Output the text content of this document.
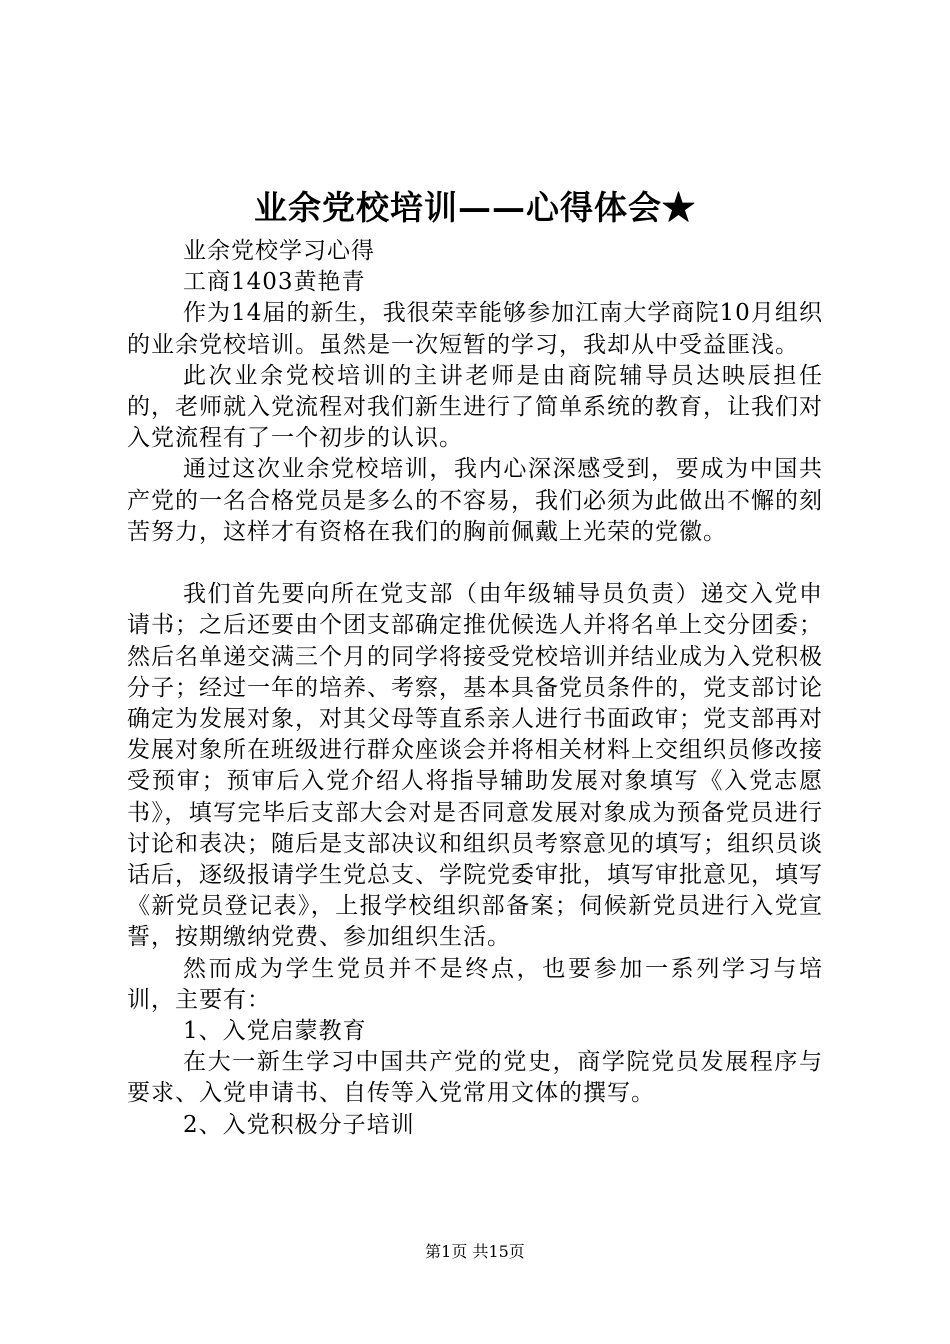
业余党校培训——心得体会★

业余党校学习心得

工商1403黄艳青

作为14届的新生，我很荣幸能够参加江南大学商院10月组织的业余党校培训。虽然是一次短暂的学习，我却从中受益匪浅。

此次业余党校培训的主讲老师是由商院辅导员达映辰担任的，老师就入党流程对我们新生进行了简单系统的教育，让我们对入党流程有了一个初步的认识。

通过这次业余党校培训，我内心深深感受到，要成为中国共产党的一名合格党员是多么的不容易，我们必须为此做出不懈的刻苦努力，这样才有资格在我们的胸前佩戴上光荣的党徽。

我们首先要向所在党支部（由年级辅导员负责）递交入党申请书；之后还要由个团支部确定推优候选人并将名单上交分团委；然后名单递交满三个月的同学将接受党校培训并结业成为入党积极分子；经过一年的培养、考察，基本具备党员条件的，党支部讨论确定为发展对象，对其父母等直系亲人进行书面政审；党支部再对发展对象所在班级进行群众座谈会并将相关材料上交组织员修改接受预审；预审后入党介绍人将指导辅助发展对象填写《入党志愿书》，填写完毕后支部大会对是否同意发展对象成为预备党员进行讨论和表决；随后是支部决议和组织员考察意见的填写；组织员谈话后，逐级报请学生党总支、学院党委审批，填写审批意见，填写《新党员登记表》，上报学校组织部备案；伺候新党员进行入党宣誓，按期缴纳党费、参加组织生活。

然而成为学生党员并不是终点，也要参加一系列学习与培训，主要有：

1、入党启蒙教育

在大一新生学习中国共产党的党史，商学院党员发展程序与要求、入党申请书、自传等入党常用文体的撰写。

2、入党积极分子培训

第1页 共15页
